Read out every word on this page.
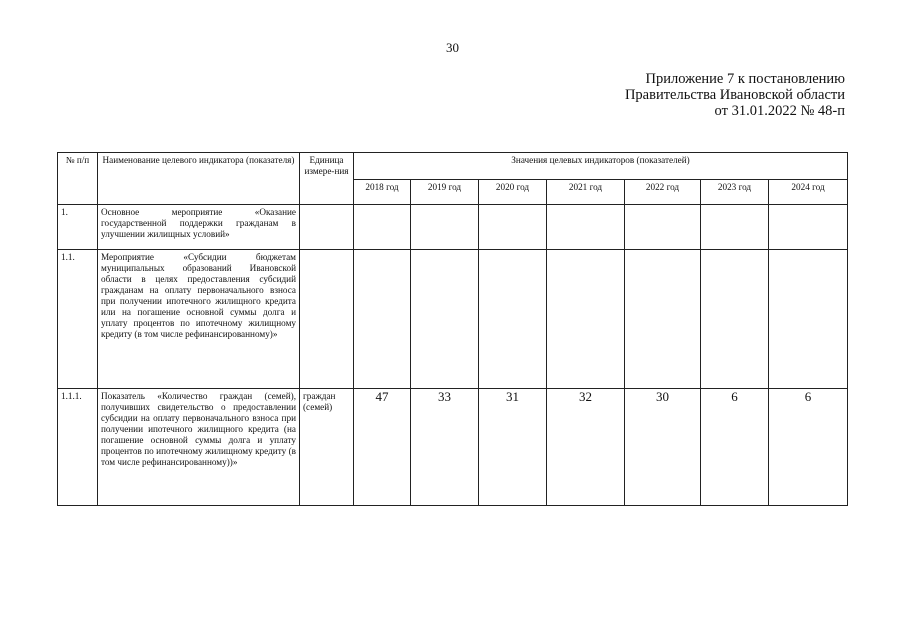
30
Приложение 7 к постановлению
Правительства Ивановской области
от 31.01.2022 № 48-п
№ п/п	Наименование целевого индикатора (показателя)	Единица измере-ния	Значения целевых индикаторов (показателей)						
			2018 год	2019 год	2020 год	2021 год	2022 год	2023 год	2024 год
1.	Основное мероприятие «Оказание государственной поддержки гражданам в улучшении жилищных условий»								
1.1.	Мероприятие «Субсидии бюджетам муниципальных образований Ивановской области в целях предоставления субсидий гражданам на оплату первоначального взноса при получении ипотечного жилищного кредита или на погашение основной суммы долга и уплату процентов по ипотечному жилищному кредиту (в том числе рефинансированному)»								
1.1.1.	Показатель «Количество граждан (семей), получивших свидетельство о предоставлении субсидии на оплату первоначального взноса при получении ипотечного жилищного кредита (на погашение основной суммы долга и уплату процентов по ипотечному жилищному кредиту (в том числе рефинансированному))»	граждан (семей)	47	33	31	32	30	6	6
